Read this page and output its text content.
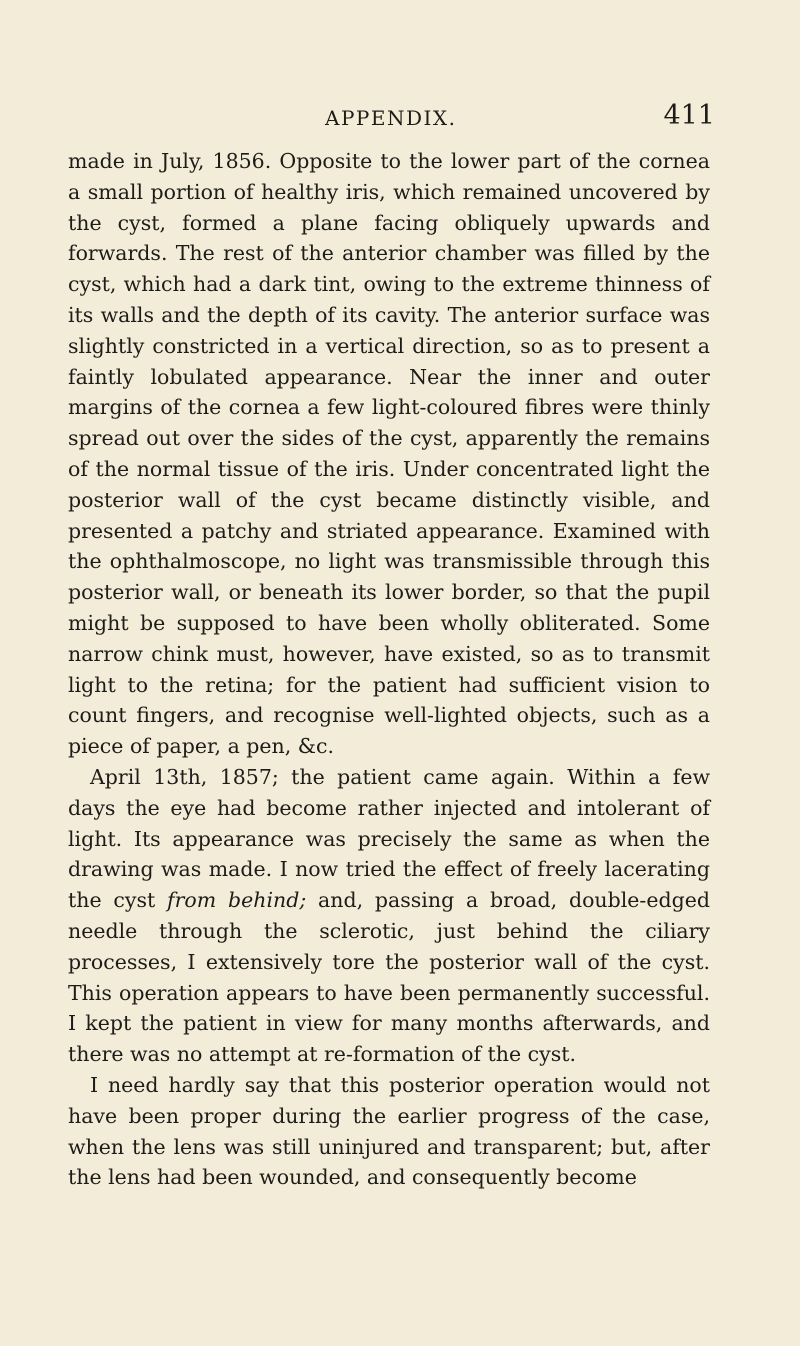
APPENDIX.	411

made in July, 1856. Opposite to the lower part of the cornea a small portion of healthy iris, which remained uncovered by the cyst, formed a plane facing obliquely upwards and forwards. The rest of the anterior chamber was filled by the cyst, which had a dark tint, owing to the extreme thinness of its walls and the depth of its cavity. The anterior surface was slightly constricted in a vertical direction, so as to present a faintly lobulated appearance. Near the inner and outer margins of the cornea a few light-coloured fibres were thinly spread out over the sides of the cyst, apparently the remains of the normal tissue of the iris. Under concentrated light the posterior wall of the cyst became distinctly visible, and presented a patchy and striated appearance. Examined with the ophthalmoscope, no light was transmissible through this posterior wall, or beneath its lower border, so that the pupil might be supposed to have been wholly obliterated. Some narrow chink must, however, have existed, so as to transmit light to the retina; for the patient had sufficient vision to count fingers, and recognise well-lighted objects, such as a piece of paper, a pen, &c.

April 13th, 1857; the patient came again. Within a few days the eye had become rather injected and intolerant of light. Its appearance was precisely the same as when the drawing was made. I now tried the effect of freely lacerating the cyst from behind; and, passing a broad, double-edged needle through the sclerotic, just behind the ciliary processes, I extensively tore the posterior wall of the cyst. This operation appears to have been permanently successful. I kept the patient in view for many months afterwards, and there was no attempt at re-formation of the cyst.

I need hardly say that this posterior operation would not have been proper during the earlier progress of the case, when the lens was still uninjured and transparent; but, after the lens had been wounded, and consequently become
